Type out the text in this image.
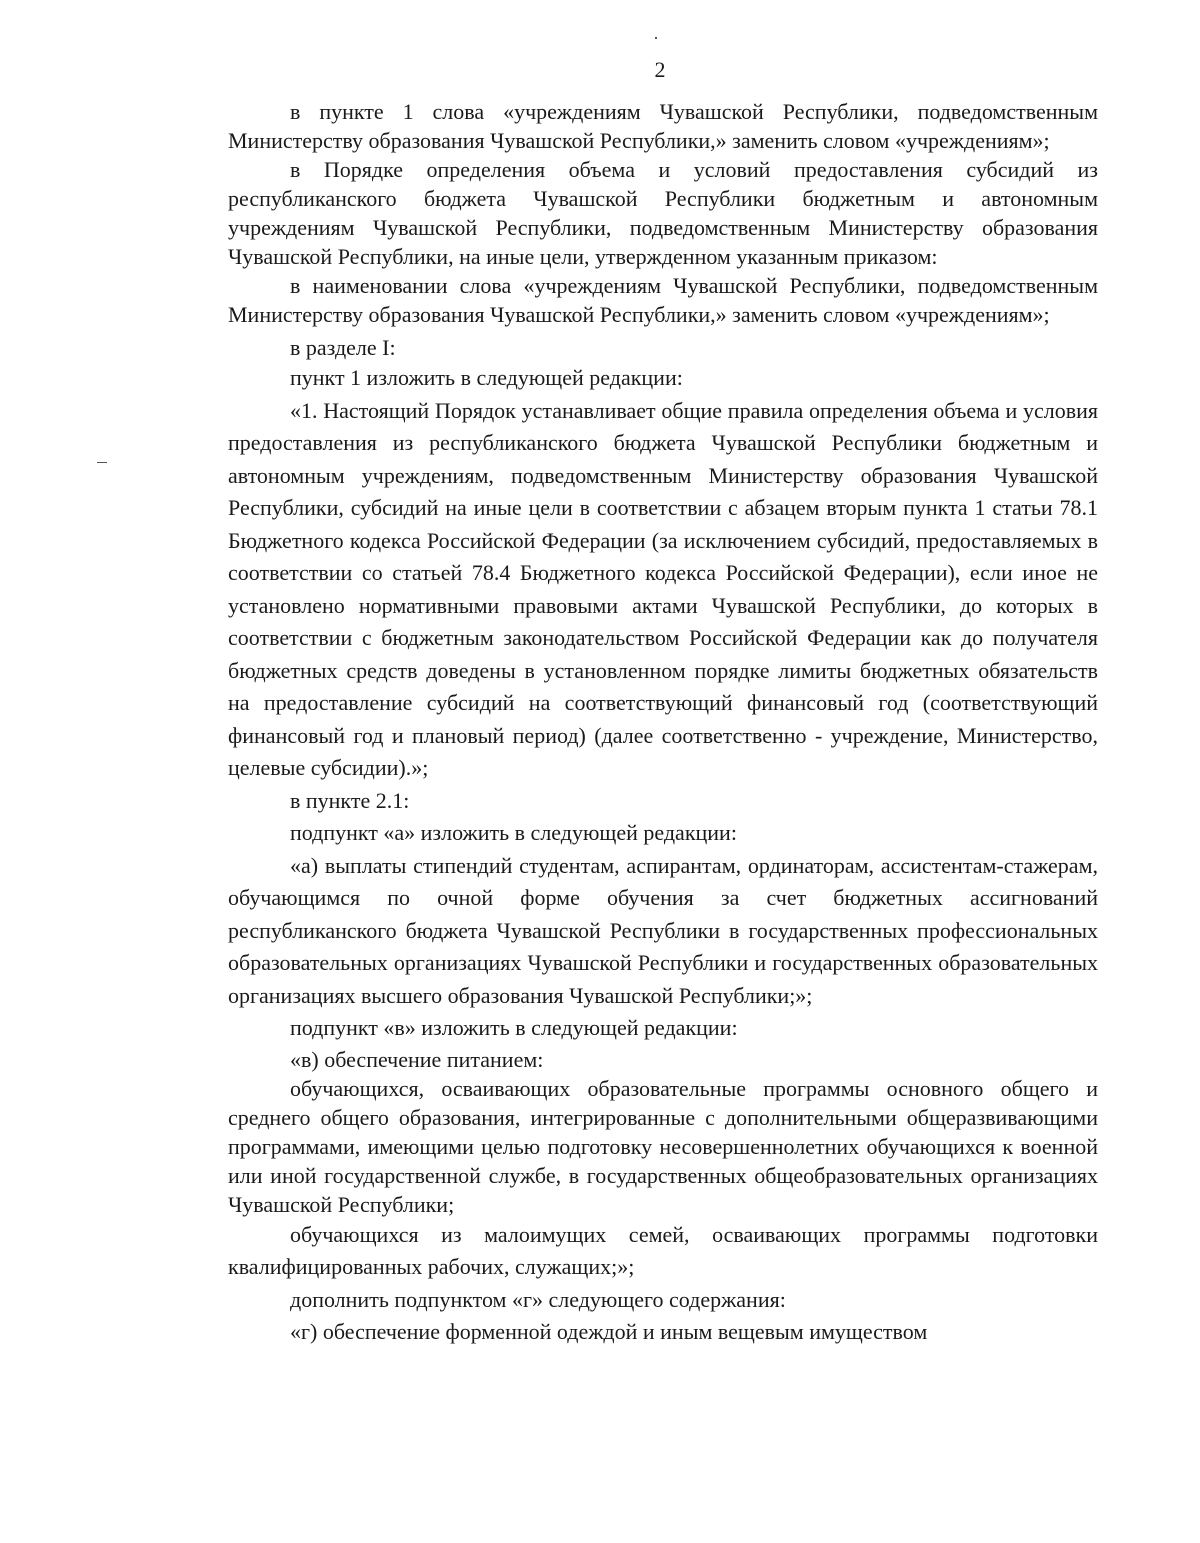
2

в пункте 1 слова «учреждениям Чувашской Республики, подведомственным Министерству образования Чувашской Республики,» заменить словом «учреждениям»;

в Порядке определения объема и условий предоставления субсидий из республиканского бюджета Чувашской Республики бюджетным и автономным учреждениям Чувашской Республики, подведомственным Министерству образования Чувашской Республики, на иные цели, утвержденном указанным приказом:

в наименовании слова «учреждениям Чувашской Республики, подведомственным Министерству образования Чувашской Республики,» заменить словом «учреждениям»;

в разделе I:

пункт 1 изложить в следующей редакции:

«1. Настоящий Порядок устанавливает общие правила определения объема и условия предоставления из республиканского бюджета Чувашской Республики бюджетным и автономным учреждениям, подведомственным Министерству образования Чувашской Республики, субсидий на иные цели в соответствии с абзацем вторым пункта 1 статьи 78.1 Бюджетного кодекса Российской Федерации (за исключением субсидий, предоставляемых в соответствии со статьей 78.4 Бюджетного кодекса Российской Федерации), если иное не установлено нормативными правовыми актами Чувашской Республики, до которых в соответствии с бюджетным законодательством Российской Федерации как до получателя бюджетных средств доведены в установленном порядке лимиты бюджетных обязательств на предоставление субсидий на соответствующий финансовый год (соответствующий финансовый год и плановый период) (далее соответственно - учреждение, Министерство, целевые субсидии).»;

в пункте 2.1:

подпункт «а» изложить в следующей редакции:

«а) выплаты стипендий студентам, аспирантам, ординаторам, ассистентам-стажерам, обучающимся по очной форме обучения за счет бюджетных ассигнований республиканского бюджета Чувашской Республики в государственных профессиональных образовательных организациях Чувашской Республики и государственных образовательных организациях высшего образования Чувашской Республики;»;

подпункт «в» изложить в следующей редакции:

«в) обеспечение питанием:

обучающихся, осваивающих образовательные программы основного общего и среднего общего образования, интегрированные с дополнительными общеразвивающими программами, имеющими целью подготовку несовершеннолетних обучающихся к военной или иной государственной службе, в государственных общеобразовательных организациях Чувашской Республики;

обучающихся из малоимущих семей, осваивающих программы подготовки квалифицированных рабочих, служащих;»;

дополнить подпунктом «г» следующего содержания:

«г) обеспечение форменной одеждой и иным вещевым имуществом
